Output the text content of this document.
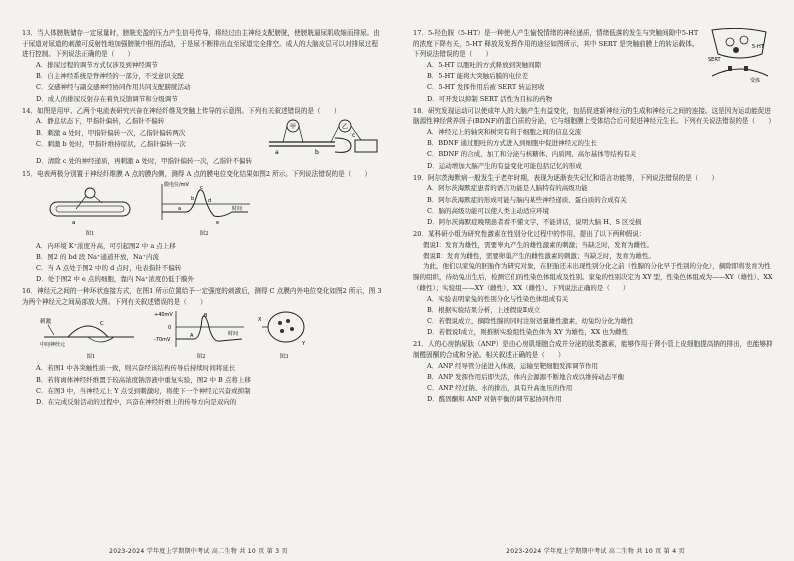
13．当人体膀胱储存一定尿量时，膀胱充盈的压力产生信号传导，将经过由主神经支配膀胱，使膀胱逼尿肌收缩而排尿。由于尿道对尿道的刺激可反射性地加强膀胱中枢的活动，于是尿不断排出直至尿道完全排空。成人的大脑皮层可以对排尿过程进行控制。下列说法正确的是（　　）
A．排尿过程的调节方式仅涉及到神经调节
B．自主神经系统是脊神经的一部分，不受意识支配
C．交感神经与副交感神经协同作用共同支配膀胱活动
D．成人的排尿反射存在着负反馈调节和分级调节
14．如图是用甲、乙两个电流表研究兴奋在神经纤维及突触上传导的示意图。下列有关叙述错误的是（　　）
A．静息状态下，甲指针偏转，乙指针不偏转
B．刺激 a 处时，甲指针偏转一次，乙指针偏转两次
C．刺激 b 处时，甲指针维持原状，乙指针偏转一次
甲	乙
a	b
c
D．清除 c 处的神经递质，再刺激 a 处时，甲指针偏转一次，乙指针不偏转
15．电表两极分别置于神经纤维膜 A 点的膜内侧，测得 A 点的膜电位变化结果如图2 所示。下列说法错误的是（　　）
a
图1
膜电位/mV
时间
a
b
c
d
e
图2
A．内环境 K⁺浓度升高，可引起图2 中 a 点上移
B．图2 的 bd 段 Na⁺通道开放，Na⁺内流
C．当 A 点处于图2 中的 d 点时，电表指针不偏转
D．处于图2 中 e 点的细胞，靠内 Na⁺浓度仍低于膜外
16．神经元之间的一种环状连接方式，在图1 所示位置给予一定强度的刺激后，测得 C 点膜内外电位变化如图2 所示，图 3 为两个神经元之间局部放大图。下列有关叙述错误的是（　　）
刺激	C
中间神经元
图1
+40mV
0
-70mV
A
B
时间
图2
X
Y
图3
A．若图1 中各突触性质一致，则兴奋经该结构传导后持续时间将延长
B．若将离体神经纤维置于较高浓度钠溶液中重复实验，图2 中 B 点将上移
C．在图3 中，当神经元上 Y 点受到刺激时，将使下一个神经元兴奋或抑制
D．在完成反射活动的过程中，兴奋在神经纤维上的传导方向是双向的
2023-2024 学年度上学期期中考试 高二生物 共 10 页 第 3 页
5-HT
SERT
受体
17．5-羟色胺（5-HT）是一种使人产生愉悦情绪的神经递质，情绪低落的发生与突触间隙中5-HT 的浓度下降有关，5-HT 释放及发挥作用的途径如图所示，其中 SERT 是突触前膜上的转运载体。下列说法错误的是（　　）
A．5-HT 以胞吐的方式释放到突触间隙
B．5-HT 能将大突触后膜的电位差
C．5-HT 发挥作用后被 SERT 转运回收
D．可开发以抑制 SERT 活性为目标的药物
18．研究发现运动可以使成年人的大脑产生有益变化，包括促进新神经元的生成和神经元之间的连接。这是因为运动能促进脑源性神经营养因子(BDNF)的蛋白质的分泌，它与细胞膜上受体结合后可促进神经元生长。下列有关说法错误的是（　　）
A．神经元上的轴突和树突有利于细胞之间的信息交流
B．BDNF 通过胞吐的方式进入到细胞中促进神经元的生长
C．BDNF 的合成、加工和分泌与核糖体、内质网、高尔基体等结构有关
D．运动增加大脑产生的有益变化可能包括记忆的形成
19．阿尔茨海默病一般发生于老年时期，表现为逐渐丧失记忆和语言功能等，下列说法错误的是（　　）
A．阿尔茨海默症患者的语言功能是人脑特有的高级功能
B．阿尔茨海默症的形成可能与脑内某些神经递质、蛋白质的合成有关
C．脑的高级功能可以使人类主动适应环境
D．阿尔茨海默症晚期患者看不懂文字、不能讲话，说明大脑 H、S 区受损
20．某科研小组为研究性激素在性别分化过程中的作用，提出了以下两种假说：
假说Ⅰ：发育为雄性，需要睾丸产生的雄性激素的刺激；当缺乏时，发育为雌性。
假说Ⅱ：发育为雌性，需要卵巢产生的雌性激素的刺激；当缺乏时，发育为雄性。
为此，他们以家兔的胚胎作为研究对象，在胚胎还未出现性别分化之前（性腺的分化早于性别的分化），摘除即将发育为性腺的组织，待幼兔出生后，检测它们的性染色体组成及性别。家兔的性别决定为 XY 型，性染色体组成为——XY（雄性）、XX（雌性）；实验组——XY（雌性）、XX（雌性）。下列说法正确的是（　　）
A．实验表明家兔的性别分化与性染色体组成有关
B．根据实验结果分析，上述假说Ⅱ成立
C．若假说成立，摘除性腺的同时注射适量雄性激素，幼兔均分化为雄性
D．若假说Ⅰ成立，则推断实验组性染色体为 XY 为雄性，XX 也为雌性
21．人的心房钠尿肽（ANP）是由心房肌细胞合成并分泌的肽类激素，能够作用于肾小管上皮细胞提高钠的排出，也能够抑制醛固酮的合成和分泌。相关叙述正确的是（　　）
A．ANP 经导管分泌进入体液，运输至靶细胞发挥调节作用
B．ANP 发挥作用后即失活，体内会源源不断地合成以维持动态平衡
C．ANP 经过钠、水的排出，具有升高血压的作用
D．醛固酮和 ANP 对钠平衡的调节起协同作用
2023-2024 学年度上学期期中考试 高二生物 共 10 页 第 4 页
